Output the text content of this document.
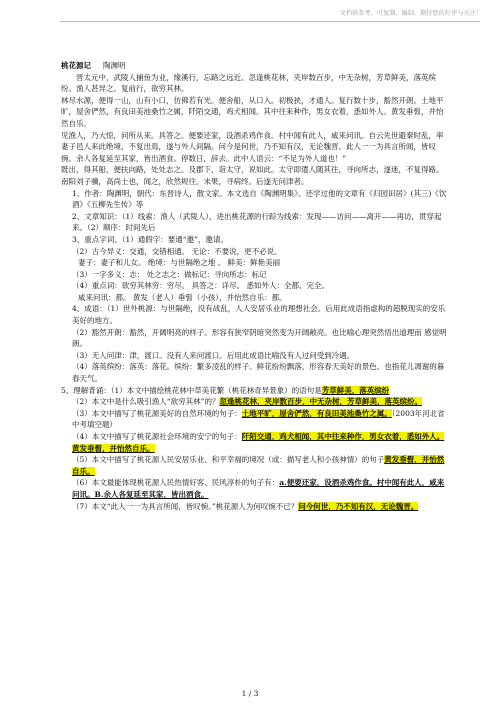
文档供参考，可复制、编制，期待您的好评与关注！

桃花源记 陶渊明

晋太元中，武陵人捕鱼为业，缘溪行，忘路之远近。忽逢桃花林，夹岸数百步，中无杂树，芳草鲜美，落英缤纷。渔人甚异之。复前行，欲穷其林。

林尽水源，便得一山，山有小口，仿佛若有光。便舍船，从口入。初极狭，才通人。复行数十步，豁然开朗。土地平旷，屋舍俨然，有良田美池桑竹之属，阡陌交通，鸡犬相闻。其中往来种作，男女衣着，悉如外人。黄发垂髫，并怡然自乐。

见渔人，乃大惊，问所从来。具答之。便要还家，设酒杀鸡作食。村中闻有此人，咸来问讯。自云先世避秦时乱，率妻子邑人来此绝境，不复出焉，遂与外人间隔。问今是何世，乃不知有汉，无论魏晋。此人一一为具言所闻，皆叹惋。余人各复延至其家，皆出酒食。停数日，辞去。此中人语云：“不足为外人道也！”

既出，得其船，便扶向路，处处志之。及郡下，诣太守，说如此。太守即遣人随其往，寻向所志，遂迷，不复得路。

南阳刘子骥，高尚士也，闻之，欣然规往。未果，寻病终。后遂无问津者。

1、作者：陶渊明，朝代：东晋诗人，散文家。本文选自《陶渊明集》。还学过他的文章有《归园田居》(其三)《饮酒》《五柳先生传》等

2、文章知识：（1）线索：渔人（武陵人），进出桃花源的行踪为线索：发现——访问——离开——再访，贯穿起来。（2）顺序：时间先后

3、重点字词、（1）通假字：要通“邀”，邀请。

（2）古今异义：交通，交错相通。 无论：不要说，更不必说。

妻子：妻子和儿女。 绝境：与世隔绝之地 。 鲜美：鲜艳美丽

（3）一字多义：志： 处之志之：做标记：寻向所志：标记

（4）重点词：欲穷其林穷：穷尽。 具答之：详尽。 悉如外人：全都、完全。

咸来问讯：都。 黄发（老人）垂髫（小孩），并怡然自乐：都。

4、成语：（1）世外桃源：与世隔绝，没有战乱，人人安居乐业的理想社会。后用此成语指虚构的超脱现实的安乐美好的地方。

（2）豁然开朗：豁然，开阔明亮的样子。形容有狭窄阴暗突然变为开阔敞亮。也比喻心理突然悟出道理而 感觉明朗。

（3）无人问津：津，渡口。没有人来问渡口。后用此成语比喻没有人过问受到冷遇。

（4）落英缤纷：落英：落花。缤纷：繁多凌乱的样子。鲜花纷纷飘落，形容春天美好的景色。也指花儿凋谢的暮春天气。

5、理解背诵：（1）本文中描绘桃花林中草美花繁（桃花林奇异景象）的语句是芳草鲜美，落英缤纷

（2）本文中是什么吸引渔人“欲穷其林”的？忽逢桃花林，夹岸数百步，中无杂树，芳草鲜美，落英缤纷。

（3）本文中描写了桃花源美好的自然环境的句子：土地平旷，屋舍俨然，有良田美池桑竹之属。（2003年河北省中考填空题）

（4）本文中描写了桃花源社会环境的安宁的句子：阡陌交通，鸡犬相闻，其中往来种作，男女衣着，悉如外人。黄发垂髫，并怡然自乐。

（5）本文中描写了桃花源人民安居乐业、和平幸福的境况（或：描写老人和小孩神情）的句子黄发垂髫，并怡然自乐。

（6）本文最能体现桃花源人民热情好客、民风淳朴的句子有：a.便要还家，设酒杀鸡作食。村中闻有此人，咸来问讯。B.余人各复延至其家，皆出酒食。

（7）本文“此人一一为具言所闻，皆叹惋。”桃花源人为何叹惋不已？问今何世，乃不知有汉，无论魏晋。

1 / 3
